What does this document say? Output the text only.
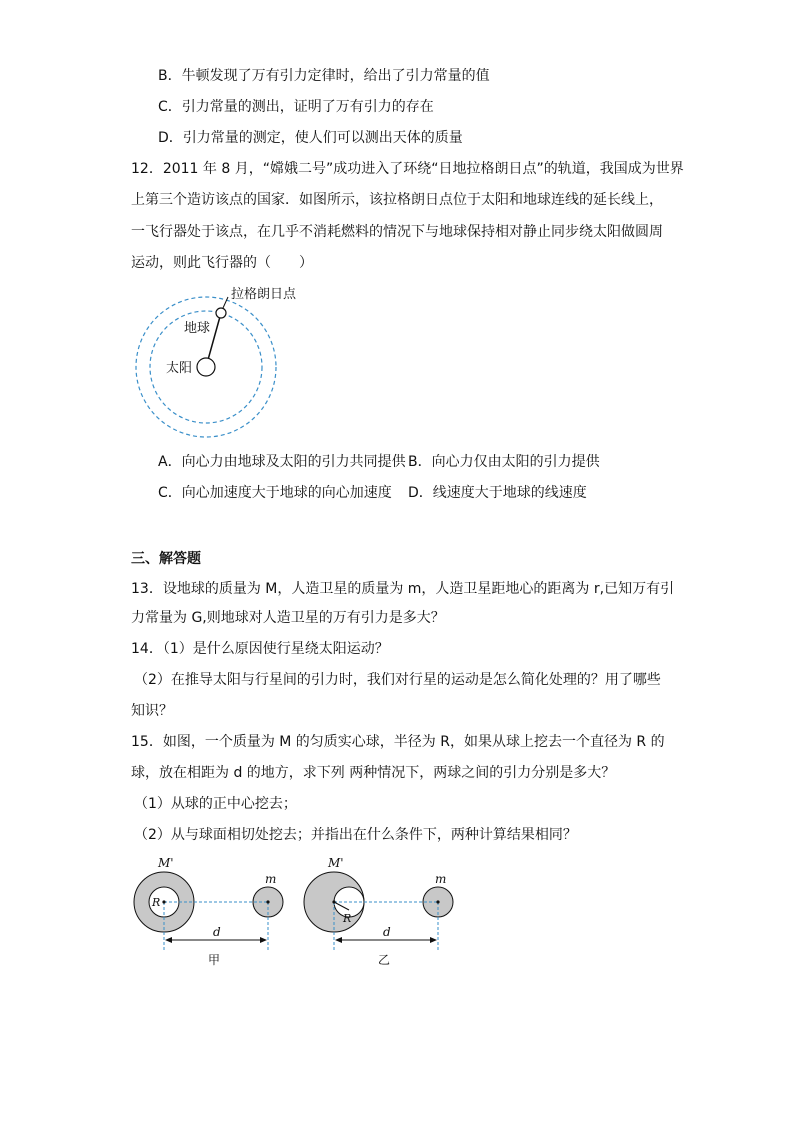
B．牛顿发现了万有引力定律时，给出了引力常量的值
C．引力常量的测出，证明了万有引力的存在
D．引力常量的测定，使人们可以测出天体的质量
12．2011 年 8 月，“嫦娥二号”成功进入了环绕“日地拉格朗日点”的轨道，我国成为世界
上第三个造访该点的国家．如图所示，该拉格朗日点位于太阳和地球连线的延长线上，
一飞行器处于该点，在几乎不消耗燃料的情况下与地球保持相对静止同步绕太阳做圆周
运动，则此飞行器的（　　）
拉格朗日点
地球
太阳
A．向心力由地球及太阳的引力共同提供 B．向心力仅由太阳的引力提供
C．向心加速度大于地球的向心加速度 D．线速度大于地球的线速度
三、解答题
13．设地球的质量为 M，人造卫星的质量为 m，人造卫星距地心的距离为 r,已知万有引
力常量为 G,则地球对人造卫星的万有引力是多大？
14．（1）是什么原因使行星绕太阳运动？
（2）在推导太阳与行星间的引力时，我们对行星的运动是怎么简化处理的？用了哪些
知识？
15．如图，一个质量为 M 的匀质实心球，半径为 R，如果从球上挖去一个直径为 R 的
球，放在相距为 d 的地方，求下列 两种情况下，两球之间的引力分别是多大？
（1）从球的正中心挖去；
（2）从与球面相切处挖去；并指出在什么条件下，两种计算结果相同？
M'
R
m
d
甲
M'
R
m
d
乙
